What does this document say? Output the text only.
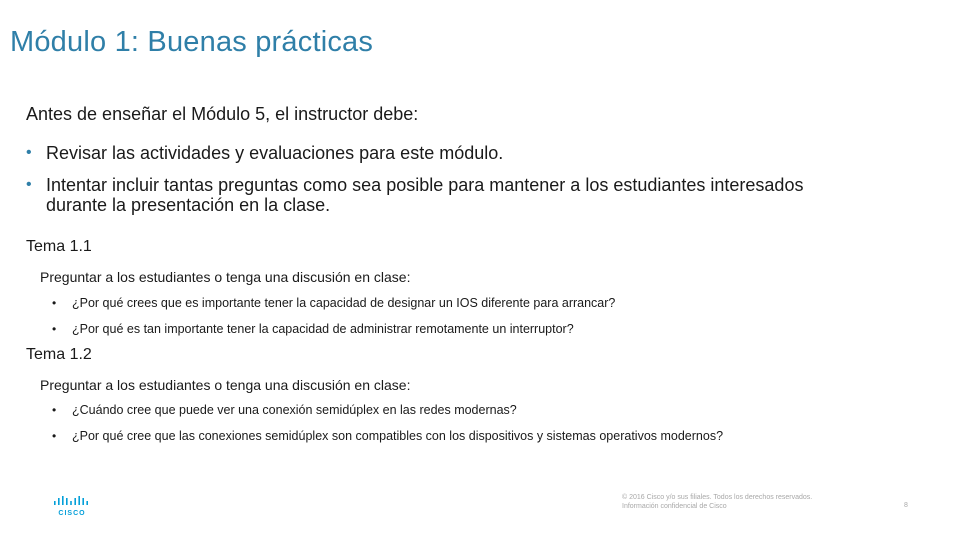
Módulo 1: Buenas prácticas

Antes de enseñar el Módulo 5, el instructor debe:

• Revisar las actividades y evaluaciones para este módulo.
• Intentar incluir tantas preguntas como sea posible para mantener a los estudiantes interesados durante la presentación en la clase.

Tema 1.1

Preguntar a los estudiantes o tenga una discusión en clase:

• ¿Por qué crees que es importante tener la capacidad de designar un IOS diferente para arrancar?
• ¿Por qué es tan importante tener la capacidad de administrar remotamente un interruptor?

Tema 1.2

Preguntar a los estudiantes o tenga una discusión en clase:

• ¿Cuándo cree que puede ver una conexión semidúplex en las redes modernas?
• ¿Por qué cree que las conexiones semidúplex son compatibles con los dispositivos y sistemas operativos modernos?
CISCO
© 2016 Cisco y/o sus filiales. Todos los derechos reservados.
Información confidencial de Cisco	8
